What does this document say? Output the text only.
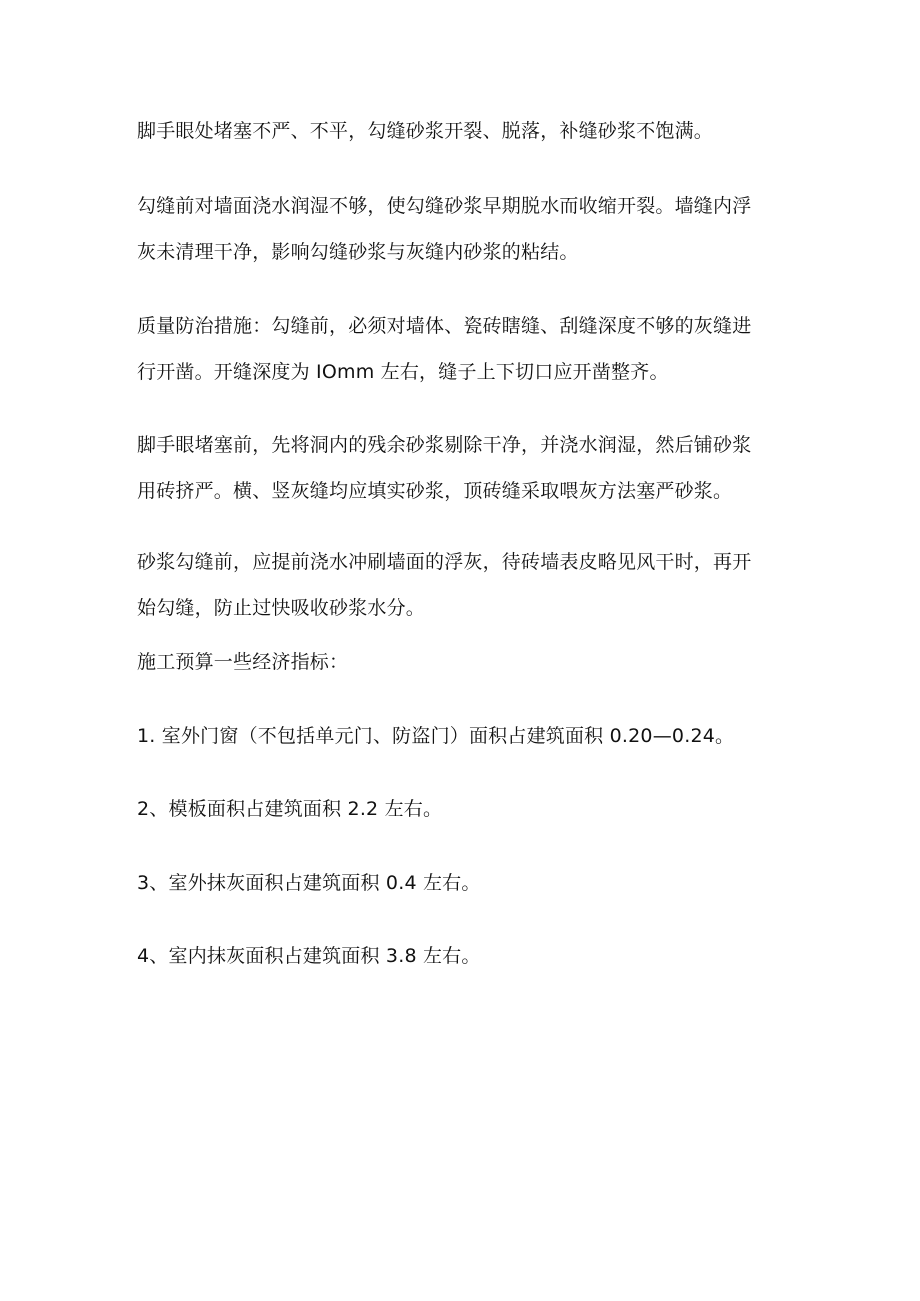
脚手眼处堵塞不严、不平，勾缝砂浆开裂、脱落，补缝砂浆不饱满。
勾缝前对墙面浇水润湿不够，使勾缝砂浆早期脱水而收缩开裂。墙缝内浮
灰未清理干净，影响勾缝砂浆与灰缝内砂浆的粘结。
质量防治措施：勾缝前，必须对墙体、瓷砖瞎缝、刮缝深度不够的灰缝进
行开凿。开缝深度为 IOmm 左右，缝子上下切口应开凿整齐。
脚手眼堵塞前，先将洞内的残余砂浆剔除干净，并浇水润湿，然后铺砂浆
用砖挤严。横、竖灰缝均应填实砂浆，顶砖缝采取喂灰方法塞严砂浆。
砂浆勾缝前，应提前浇水冲刷墙面的浮灰，待砖墙表皮略见风干时，再开
始勾缝，防止过快吸收砂浆水分。
施工预算一些经济指标：
1. 室外门窗（不包括单元门、防盗门）面积占建筑面积 0.20—0.24。
2、模板面积占建筑面积 2.2 左右。
3、室外抹灰面积占建筑面积 0.4 左右。
4、室内抹灰面积占建筑面积 3.8 左右。
